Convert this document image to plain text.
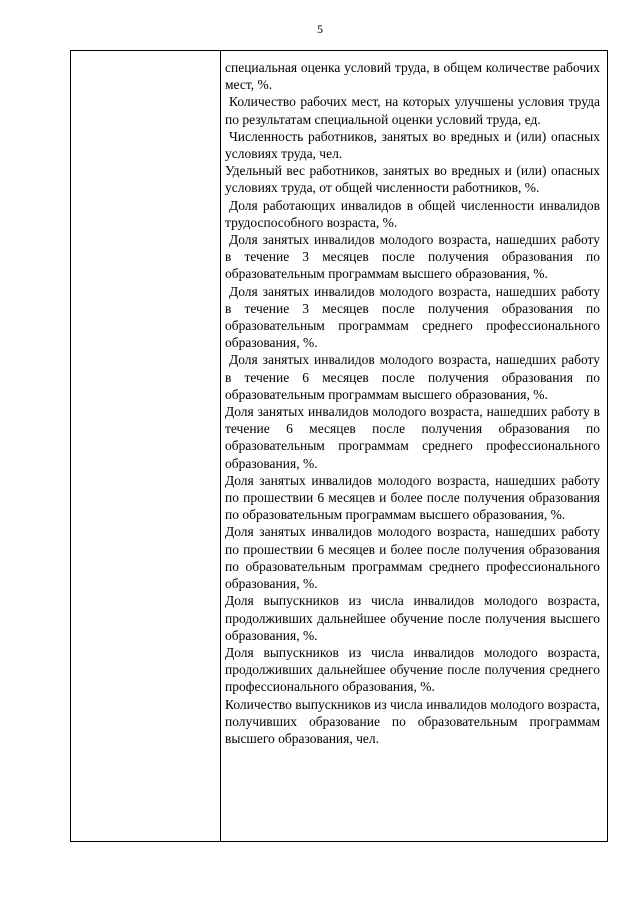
5

специальная оценка условий труда, в общем количестве рабочих мест, %.

Количество рабочих мест, на которых улучшены условия труда по результатам специальной оценки условий труда, ед.

Численность работников, занятых во вредных и (или) опасных условиях труда, чел.

Удельный вес работников, занятых во вредных и (или) опасных условиях труда, от общей численности работников, %.

Доля работающих инвалидов в общей численности инвалидов трудоспособного возраста, %.

Доля занятых инвалидов молодого возраста, нашедших работу в течение 3 месяцев после получения образования по образовательным программам высшего образования, %.

Доля занятых инвалидов молодого возраста, нашедших работу в течение 3 месяцев после получения образования по образовательным программам среднего профессионального образования, %.

Доля занятых инвалидов молодого возраста, нашедших работу в течение 6 месяцев после получения образования по образовательным программам высшего образования, %.

Доля занятых инвалидов молодого возраста, нашедших работу в течение 6 месяцев после получения образования по образовательным программам среднего профессионального образования, %.

Доля занятых инвалидов молодого возраста, нашедших работу по прошествии 6 месяцев и более после получения образования по образовательным программам высшего образования, %.

Доля занятых инвалидов молодого возраста, нашедших работу по прошествии 6 месяцев и более после получения образования по образовательным программам среднего профессионального образования, %.

Доля выпускников из числа инвалидов молодого возраста, продолживших дальнейшее обучение после получения высшего образования, %.

Доля выпускников из числа инвалидов молодого возраста, продолживших дальнейшее обучение после получения среднего профессионального образования, %.

Количество выпускников из числа инвалидов молодого возраста, получивших образование по образовательным программам высшего образования, чел.
